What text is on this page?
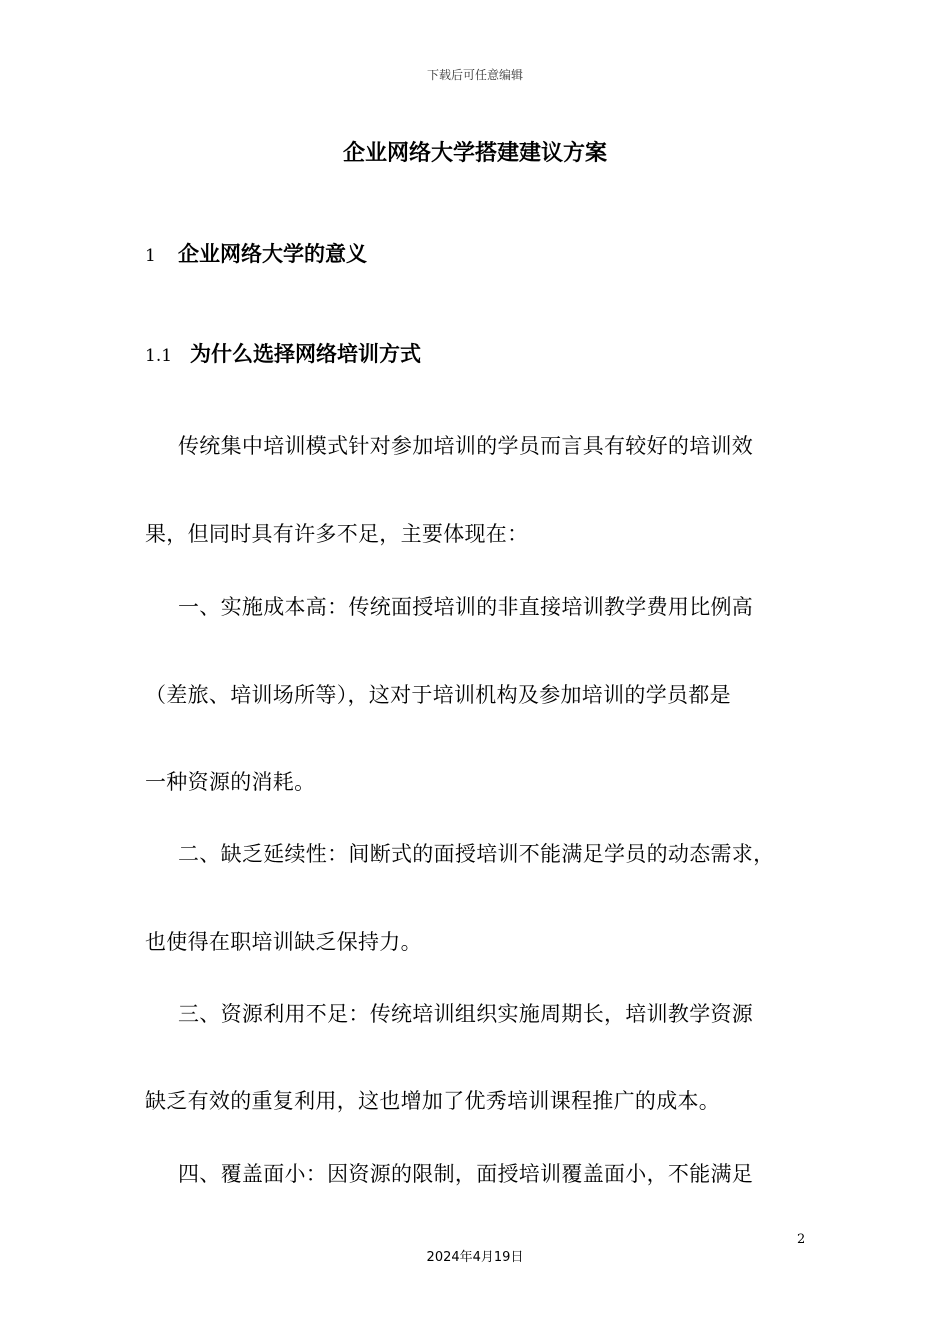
下载后可任意编辑
企业网络大学搭建建议方案
1 企业网络大学的意义
1.1 为什么选择网络培训方式
传统集中培训模式针对参加培训的学员而言具有较好的培训效
果，但同时具有许多不足，主要体现在：
一、实施成本高：传统面授培训的非直接培训教学费用比例高
（差旅、培训场所等），这对于培训机构及参加培训的学员都是
一种资源的消耗。
二、缺乏延续性：间断式的面授培训不能满足学员的动态需求，
也使得在职培训缺乏保持力。
三、资源利用不足：传统培训组织实施周期长，培训教学资源
缺乏有效的重复利用，这也增加了优秀培训课程推广的成本。
四、覆盖面小：因资源的限制，面授培训覆盖面小，不能满足
2
2024年4月19日
